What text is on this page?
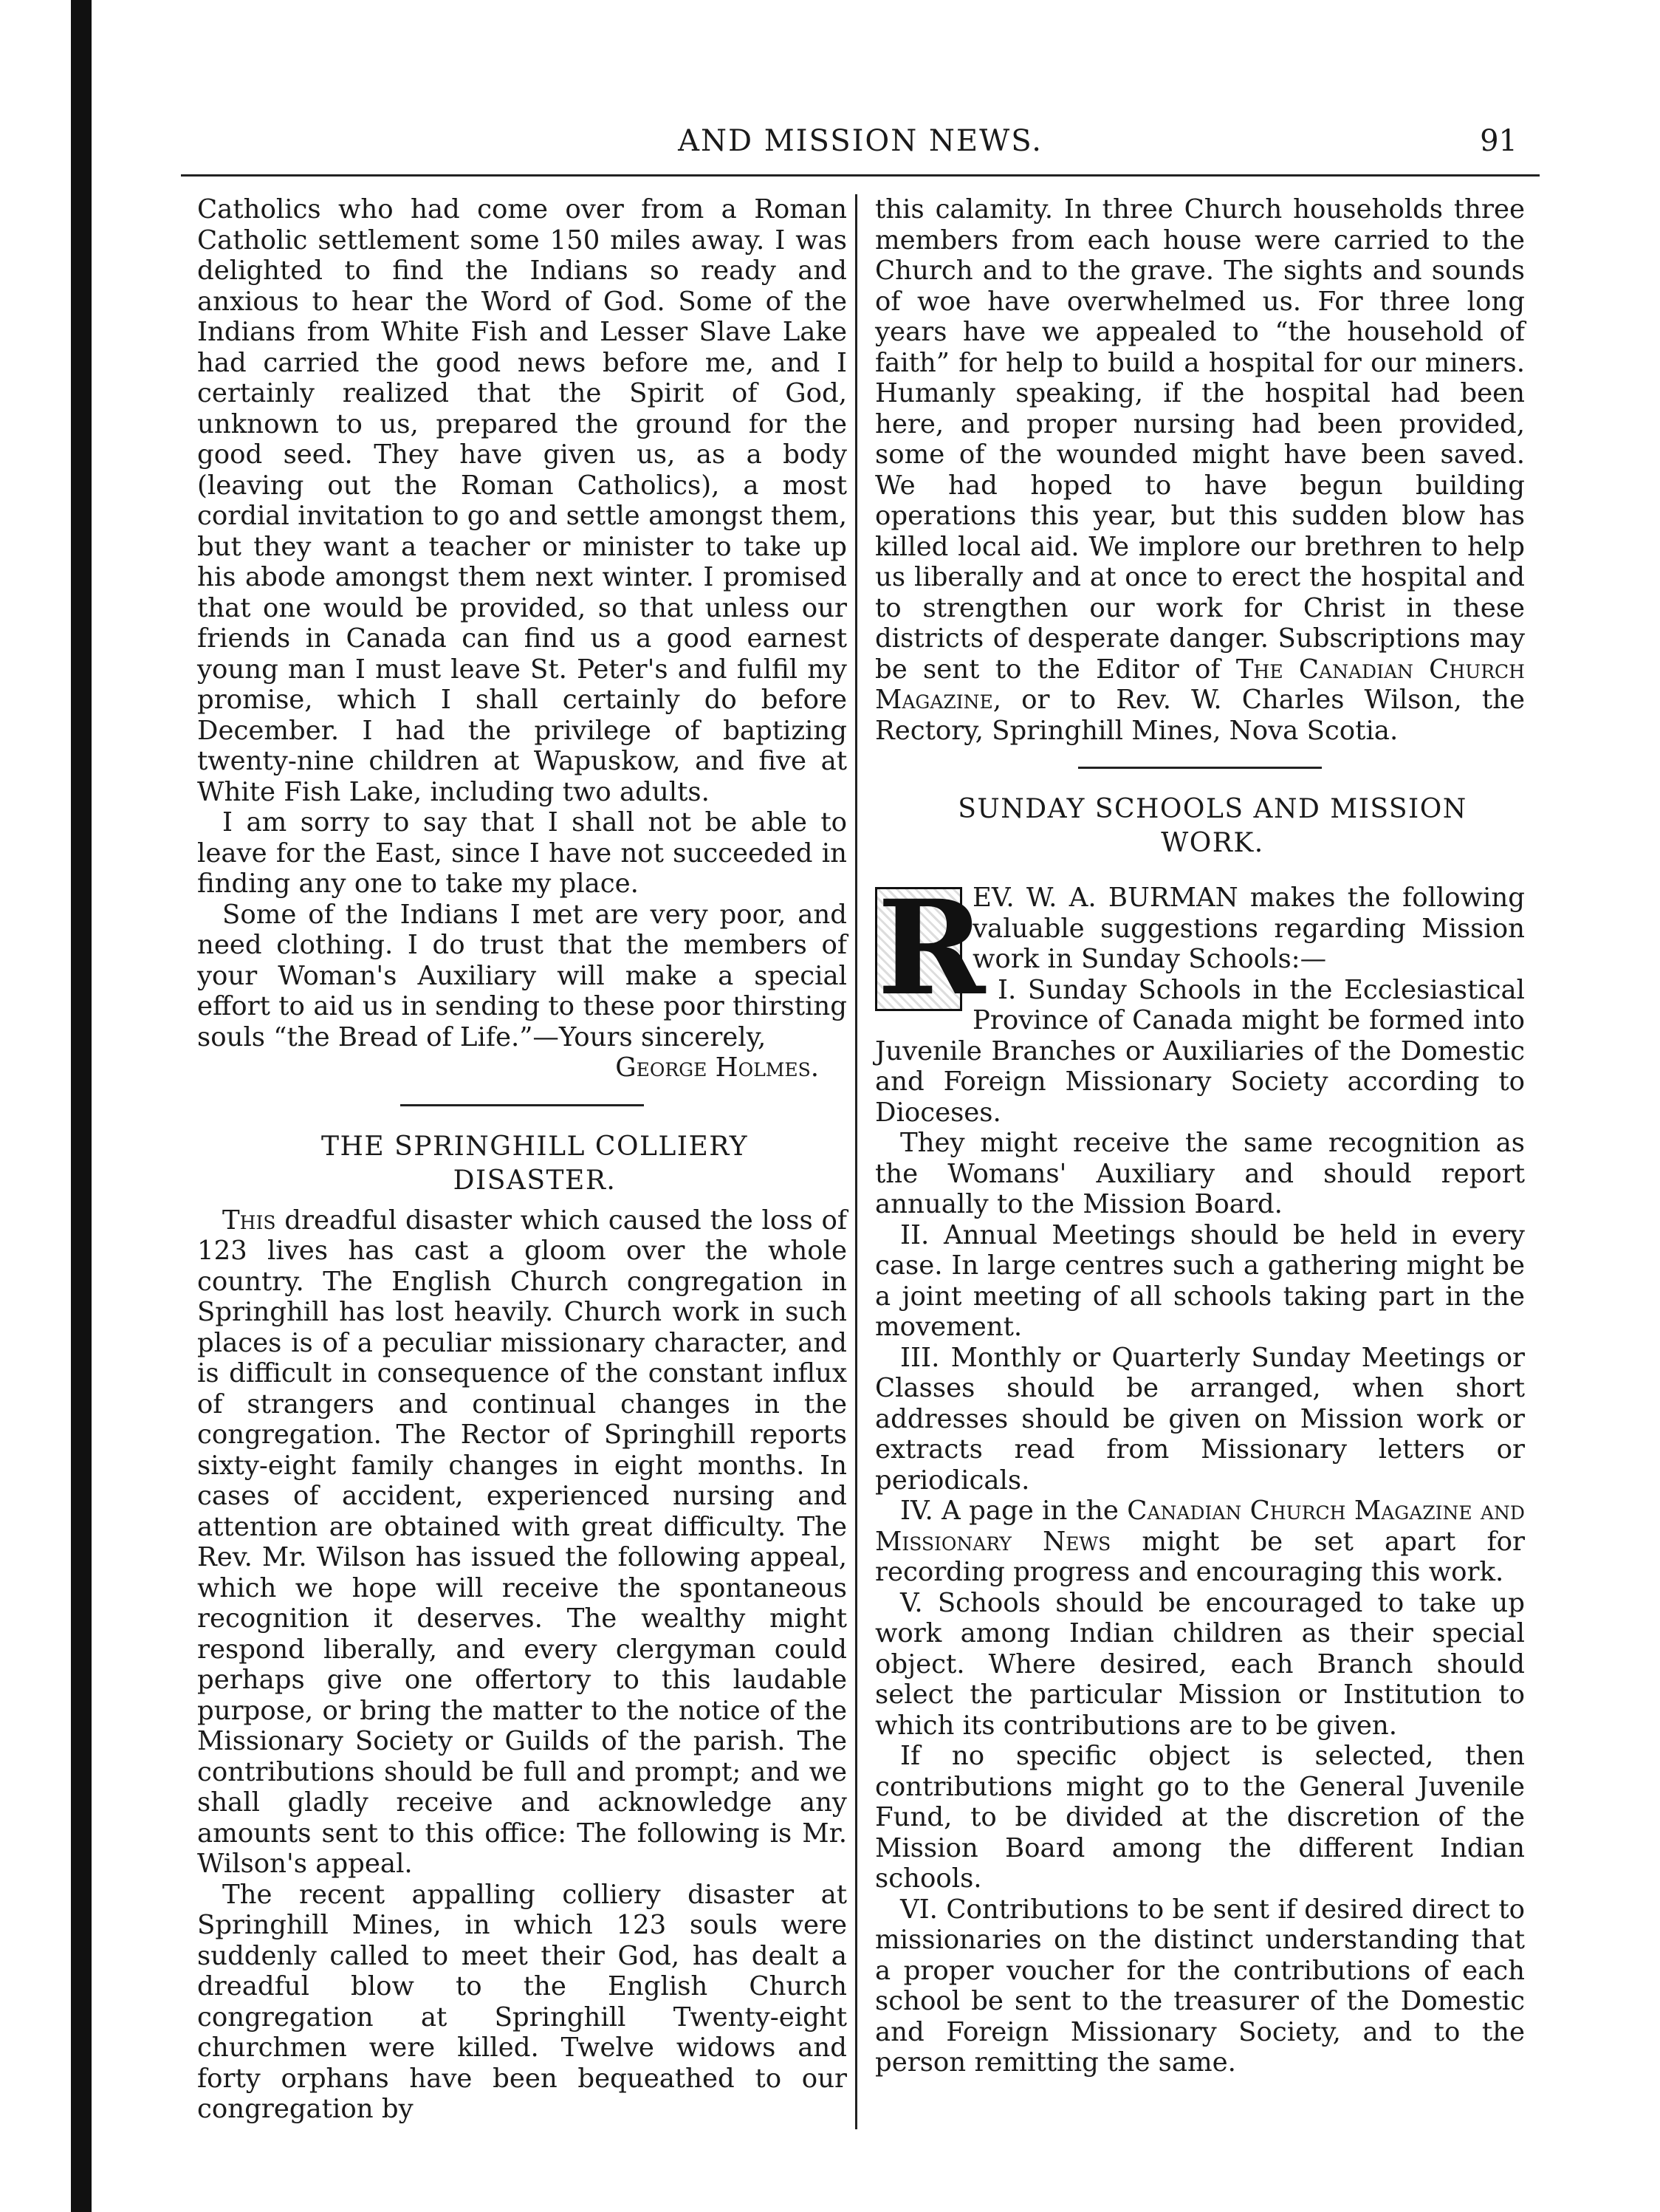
AND MISSION NEWS.	91

Catholics who had come over from a Roman Catholic settlement some 150 miles away. I was delighted to find the Indians so ready and anxious to hear the Word of God. Some of the Indians from White Fish and Lesser Slave Lake had carried the good news before me, and I certainly realized that the Spirit of God, unknown to us, prepared the ground for the good seed. They have given us, as a body (leaving out the Roman Catholics), a most cordial invitation to go and settle amongst them, but they want a teacher or minister to take up his abode amongst them next winter. I promised that one would be provided, so that unless our friends in Canada can find us a good earnest young man I must leave St. Peter's and fulfil my promise, which I shall certainly do before December. I had the privilege of baptizing twenty-nine children at Wapuskow, and five at White Fish Lake, including two adults.

I am sorry to say that I shall not be able to leave for the East, since I have not succeeded in finding any one to take my place.

Some of the Indians I met are very poor, and need clothing. I do trust that the members of your Woman's Auxiliary will make a special effort to aid us in sending to these poor thirsting souls “the Bread of Life.”—Yours sincerely,

George Holmes.

THE SPRINGHILL COLLIERY

DISASTER.

This dreadful disaster which caused the loss of 123 lives has cast a gloom over the whole country. The English Church congregation in Springhill has lost heavily. Church work in such places is of a peculiar missionary character, and is difficult in consequence of the constant influx of strangers and continual changes in the congregation. The Rector of Springhill reports sixty-eight family changes in eight months. In cases of accident, experienced nursing and attention are obtained with great difficulty. The Rev. Mr. Wilson has issued the following appeal, which we hope will receive the spontaneous recognition it deserves. The wealthy might respond liberally, and every clergyman could perhaps give one offertory to this laudable purpose, or bring the matter to the notice of the Missionary Society or Guilds of the parish. The contributions should be full and prompt; and we shall gladly receive and acknowledge any amounts sent to this office: The following is Mr. Wilson's appeal.

The recent appalling colliery disaster at Springhill Mines, in which 123 souls were suddenly called to meet their God, has dealt a dreadful blow to the English Church congregation at Springhill Twenty-eight churchmen were killed. Twelve widows and forty orphans have been bequeathed to our congregation by

this calamity. In three Church households three members from each house were carried to the Church and to the grave. The sights and sounds of woe have overwhelmed us. For three long years have we appealed to “the household of faith” for help to build a hospital for our miners. Humanly speaking, if the hospital had been here, and proper nursing had been provided, some of the wounded might have been saved. We had hoped to have begun building operations this year, but this sudden blow has killed local aid. We implore our brethren to help us liberally and at once to erect the hospital and to strengthen our work for Christ in these districts of desperate danger. Subscriptions may be sent to the Editor of The Canadian Church Magazine, or to Rev. W. Charles Wilson, the Rectory, Springhill Mines, Nova Scotia.

SUNDAY SCHOOLS AND MISSION

WORK.

R

EV. W. A. BURMAN makes the following valuable suggestions regarding Mission work in Sunday Schools:—

I. Sunday Schools in the Ecclesiastical Province of Canada might be formed into Juvenile Branches or Auxiliaries of the Domestic and Foreign Missionary Society according to Dioceses.

They might receive the same recognition as the Womans' Auxiliary and should report annually to the Mission Board.

II. Annual Meetings should be held in every case. In large centres such a gathering might be a joint meeting of all schools taking part in the movement.

III. Monthly or Quarterly Sunday Meetings or Classes should be arranged, when short addresses should be given on Mission work or extracts read from Missionary letters or periodicals.

IV. A page in the Canadian Church Magazine and Missionary News might be set apart for recording progress and encouraging this work.

V. Schools should be encouraged to take up work among Indian children as their special object. Where desired, each Branch should select the particular Mission or Institution to which its contributions are to be given.

If no specific object is selected, then contributions might go to the General Juvenile Fund, to be divided at the discretion of the Mission Board among the different Indian schools.

VI. Contributions to be sent if desired direct to missionaries on the distinct understanding that a proper voucher for the contributions of each school be sent to the treasurer of the Domestic and Foreign Missionary Society, and to the person remitting the same.
